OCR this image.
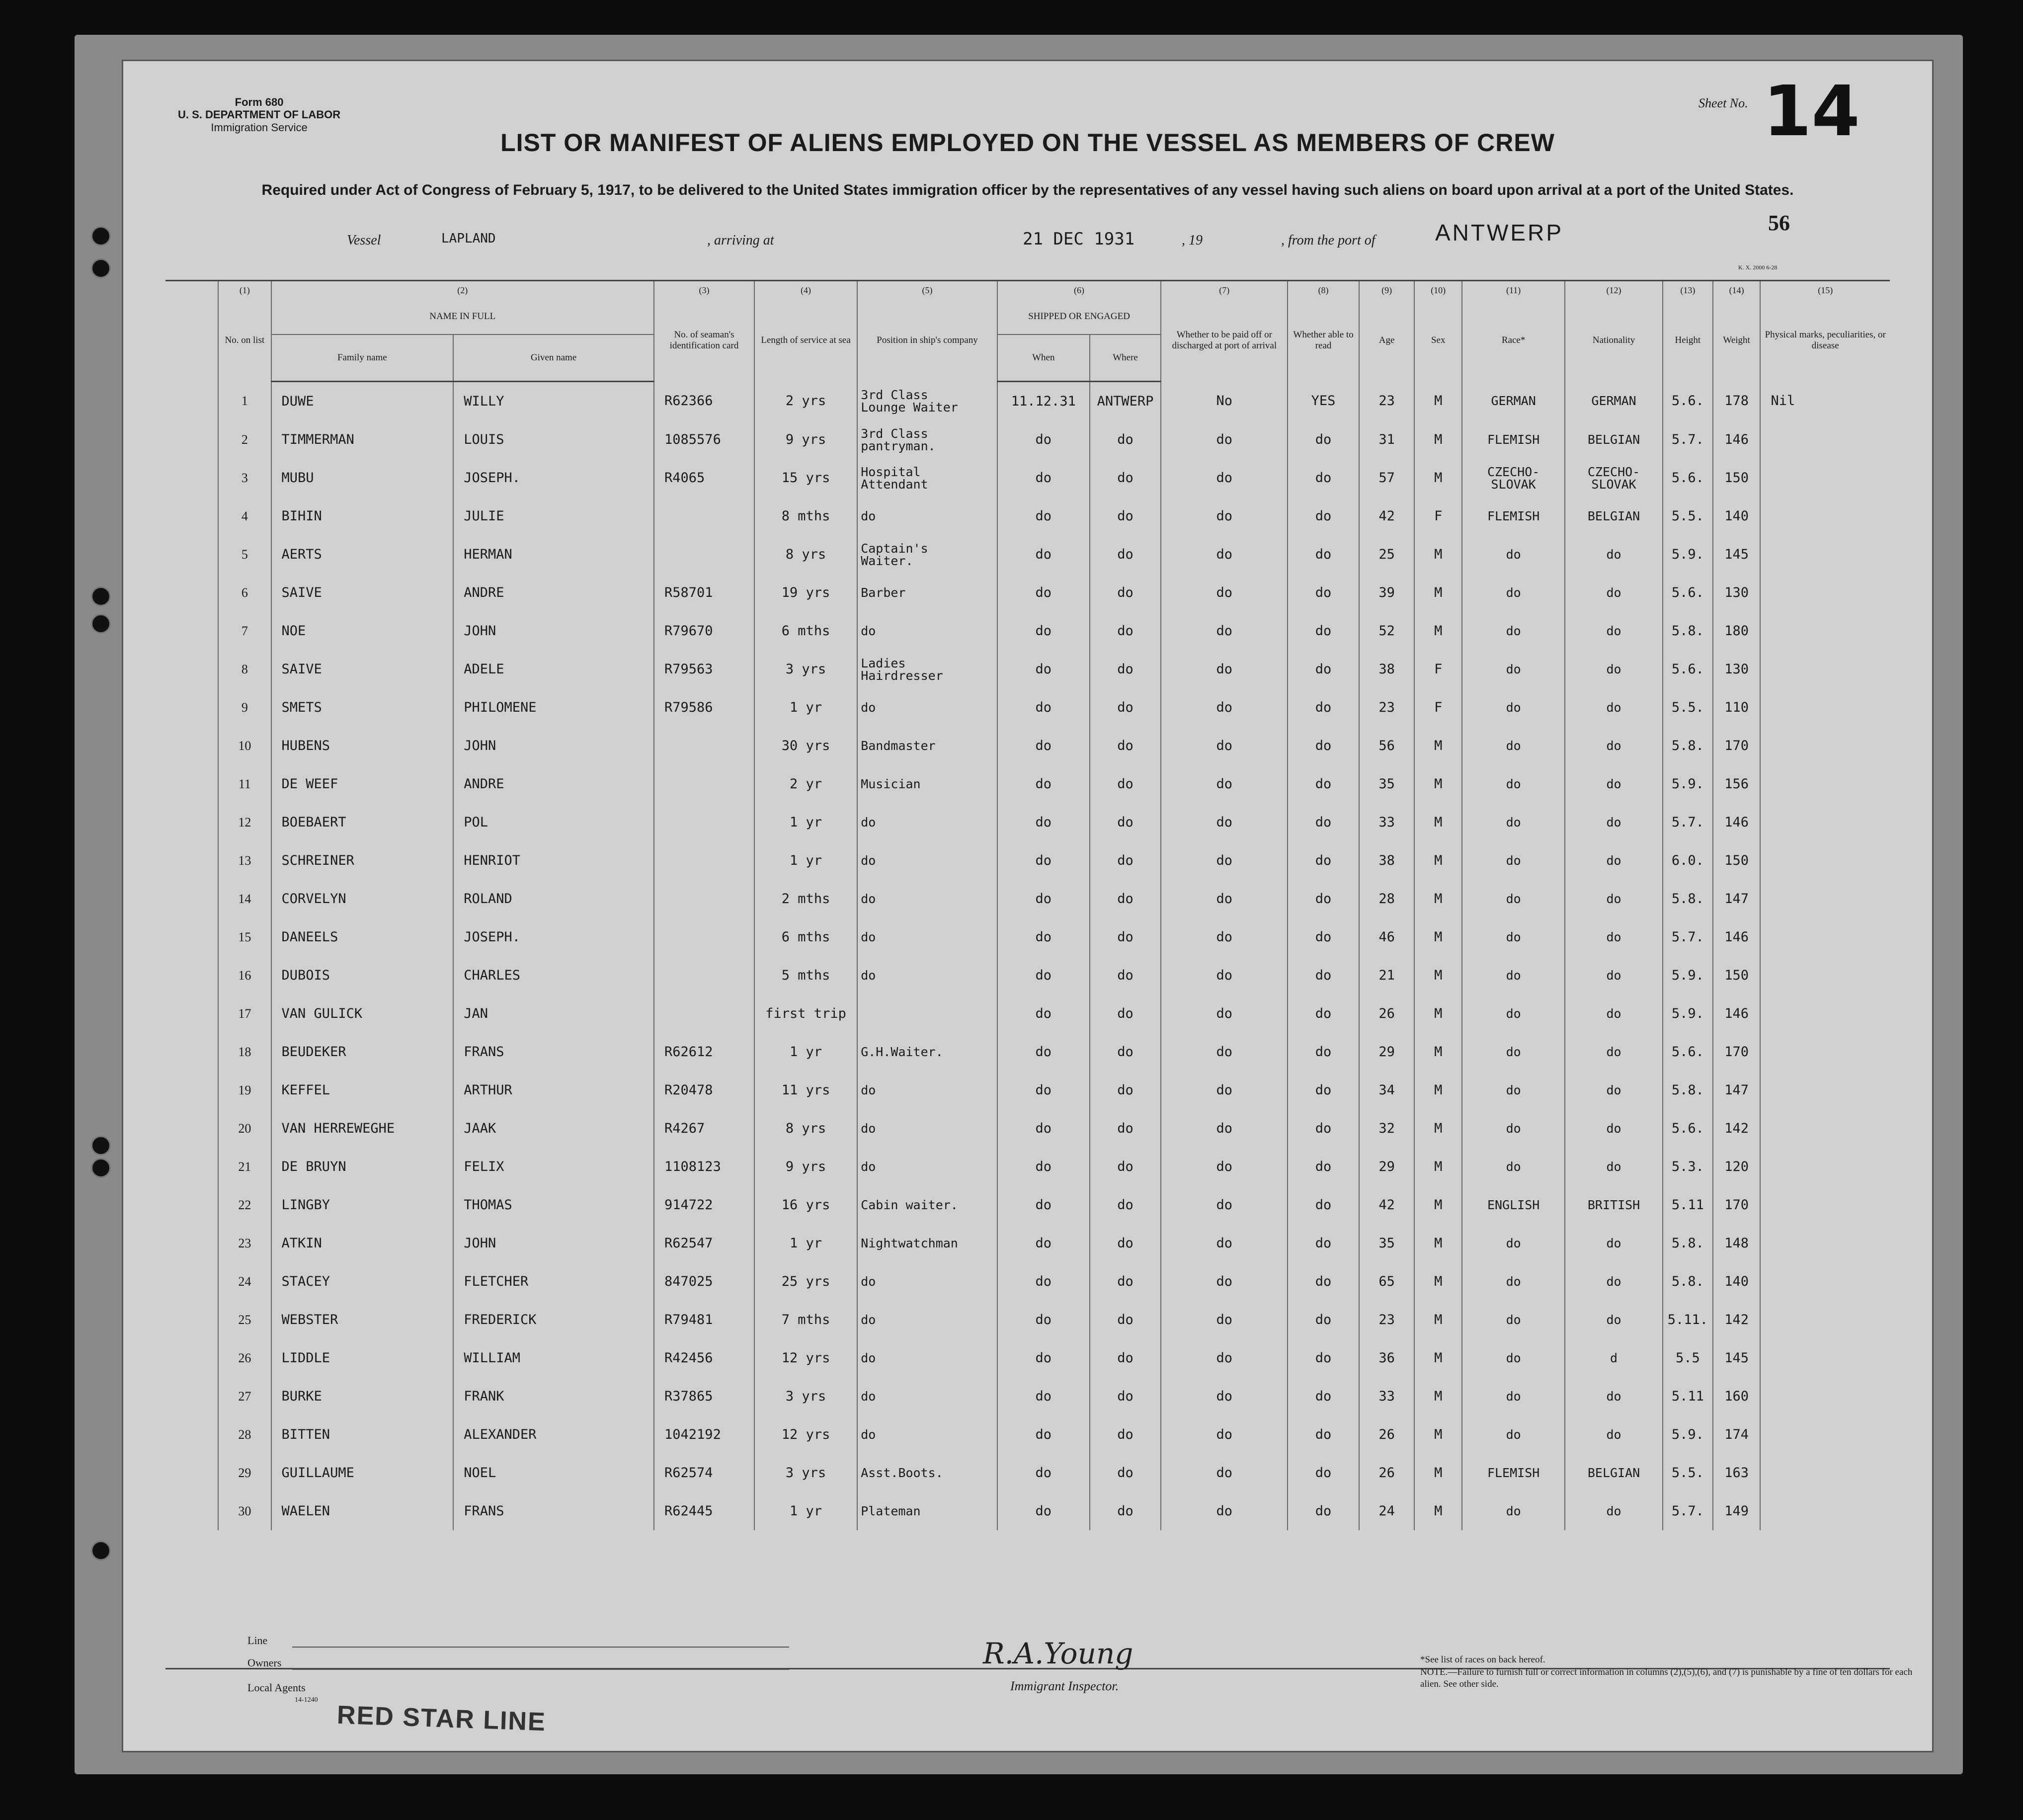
Form 680
U. S. DEPARTMENT OF LABOR
Immigration Service
Sheet No. 14
LIST OR MANIFEST OF ALIENS EMPLOYED ON THE VESSEL AS MEMBERS OF CREW
Required under Act of Congress of February 5, 1917, to be delivered to the United States immigration officer by the representatives of any vessel having such aliens on board upon arrival at a port of the United States.
Vessel	LAPLAND	, arriving at	21 DEC 1931	, 19	, from the port of	ANTWERP	56
K. X. 2000 6-28
	(1)	(2)		(3)	(4)	(5)	(6)		(7)	(8)	(9)	(10)	(11)	(12)	(13)	(14)	(15)
	No. on list	NAME IN FULL		No. of seaman's identification card	Length of service at sea	Position in ship's company	SHIPPED OR ENGAGED		Whether to be paid off or discharged at port of arrival	Whether able to read	Age	Sex	Race*	Nationality	Height	Weight	Physical marks, peculiarities, or disease
		Family name	Given name				When	Where									
	1	DUWE	WILLY	R62366	2 yrs	3rd Class
Lounge Waiter	11.12.31	ANTWERP	No	YES	23	M	GERMAN	GERMAN	5.6.	178	Nil
	2	TIMMERMAN	LOUIS	1085576	9 yrs	3rd Class
pantryman.	do	do	do	do	31	M	FLEMISH	BELGIAN	5.7.	146	
	3	MUBU	JOSEPH.	R4065	15 yrs	Hospital
Attendant	do	do	do	do	57	M	CZECHO-
SLOVAK	CZECHO-
SLOVAK	5.6.	150	
	4	BIHIN	JULIE		8 mths	do	do	do	do	do	42	F	FLEMISH	BELGIAN	5.5.	140	
	5	AERTS	HERMAN		8 yrs	Captain's
Waiter.	do	do	do	do	25	M	do	do	5.9.	145	
	6	SAIVE	ANDRE	R58701	19 yrs	Barber	do	do	do	do	39	M	do	do	5.6.	130	
	7	NOE	JOHN	R79670	6 mths	do	do	do	do	do	52	M	do	do	5.8.	180	
	8	SAIVE	ADELE	R79563	3 yrs	Ladies
Hairdresser	do	do	do	do	38	F	do	do	5.6.	130	
	9	SMETS	PHILOMENE	R79586	1 yr	do	do	do	do	do	23	F	do	do	5.5.	110	
	10	HUBENS	JOHN		30 yrs	Bandmaster	do	do	do	do	56	M	do	do	5.8.	170	
	11	DE WEEF	ANDRE		2 yr	Musician	do	do	do	do	35	M	do	do	5.9.	156	
	12	BOEBAERT	POL		1 yr	do	do	do	do	do	33	M	do	do	5.7.	146	
	13	SCHREINER	HENRIOT		1 yr	do	do	do	do	do	38	M	do	do	6.0.	150	
	14	CORVELYN	ROLAND		2 mths	do	do	do	do	do	28	M	do	do	5.8.	147	
	15	DANEELS	JOSEPH.		6 mths	do	do	do	do	do	46	M	do	do	5.7.	146	
	16	DUBOIS	CHARLES		5 mths	do	do	do	do	do	21	M	do	do	5.9.	150	
	17	VAN GULICK	JAN		first trip		do	do	do	do	26	M	do	do	5.9.	146	
	18	BEUDEKER	FRANS	R62612	1 yr	G.H.Waiter.	do	do	do	do	29	M	do	do	5.6.	170	
	19	KEFFEL	ARTHUR	R20478	11 yrs	do	do	do	do	do	34	M	do	do	5.8.	147	
	20	VAN HERREWEGHE	JAAK	R4267	8 yrs	do	do	do	do	do	32	M	do	do	5.6.	142	
	21	DE BRUYN	FELIX	1108123	9 yrs	do	do	do	do	do	29	M	do	do	5.3.	120	
	22	LINGBY	THOMAS	914722	16 yrs	Cabin waiter.	do	do	do	do	42	M	ENGLISH	BRITISH	5.11	170	
	23	ATKIN	JOHN	R62547	1 yr	Nightwatchman	do	do	do	do	35	M	do	do	5.8.	148	
	24	STACEY	FLETCHER	847025	25 yrs	do	do	do	do	do	65	M	do	do	5.8.	140	
	25	WEBSTER	FREDERICK	R79481	7 mths	do	do	do	do	do	23	M	do	do	5.11.	142	
	26	LIDDLE	WILLIAM	R42456	12 yrs	do	do	do	do	do	36	M	do	d	5.5	145	
	27	BURKE	FRANK	R37865	3 yrs	do	do	do	do	do	33	M	do	do	5.11	160	
	28	BITTEN	ALEXANDER	1042192	12 yrs	do	do	do	do	do	26	M	do	do	5.9.	174	
	29	GUILLAUME	NOEL	R62574	3 yrs	Asst.Boots.	do	do	do	do	26	M	FLEMISH	BELGIAN	5.5.	163	
	30	WAELEN	FRANS	R62445	1 yr	Plateman	do	do	do	do	24	M	do	do	5.7.	149	
Line
Owners
Local Agents
14-1240
RED STAR LINE
R.A.Young
Immigrant Inspector.
*See list of races on back hereof.
NOTE.—Failure to furnish full or correct information in columns (2),(5),(6), and (7) is punishable by a fine of ten dollars for each alien. See other side.
